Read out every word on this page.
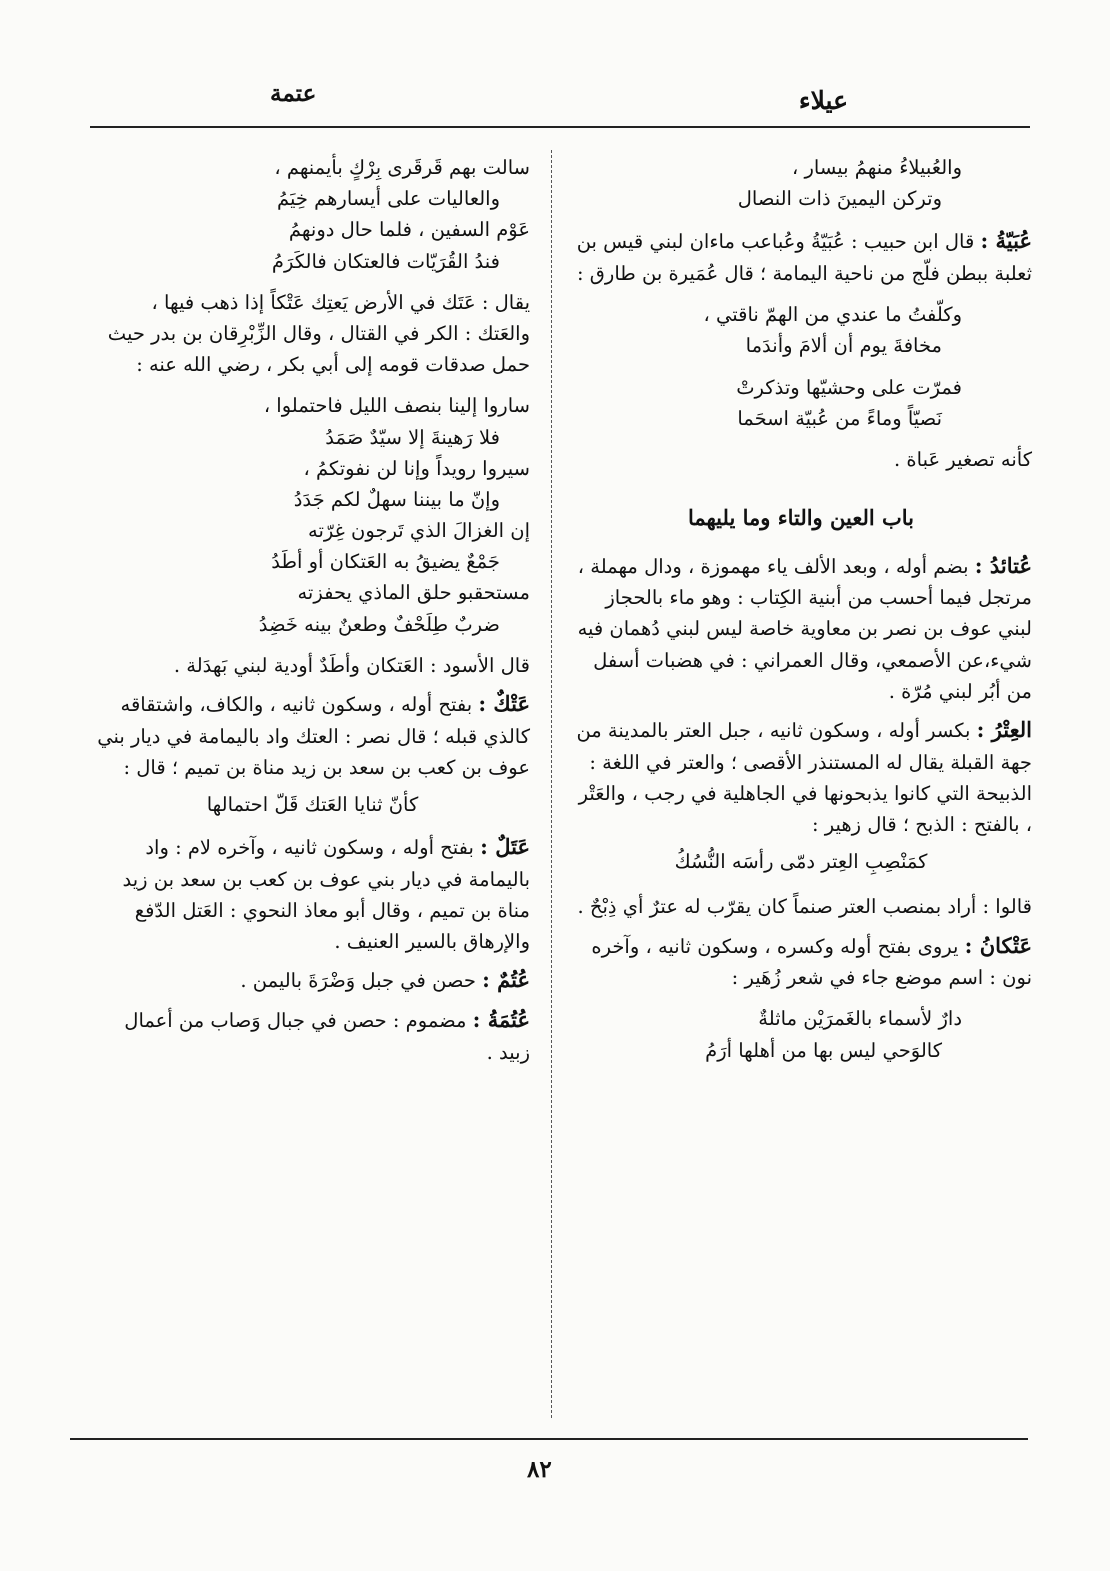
عيلاء
عتمة
والعُبيلاءُ منهمُ بيسار ،
وتركن اليمينَ ذات النصال

عُبَيّةُ : قال ابن حبيب : عُبَيّةُ وعُباعب ماءان لبني قيس بن ثعلبة ببطن فلّج من ناحية اليمامة ؛ قال عُمَيرة بن طارق :

وكلّفتُ ما عندي من الهمّ ناقتي ،
مخافةَ يوم أن ألامَ وأندَما
فمرّت على وحشيّها وتذكرتْ
نَصيّاً وماءً من عُبيّة اسحَما

كأنه تصغير عَباة .

باب العين والتاء وما يليهما

عُتائدُ : بضم أوله ، وبعد الألف ياء مهموزة ، ودال مهملة ، مرتجل فيما أحسب من أبنية الكِتاب : وهو ماء بالحجاز لبني عوف بن نصر بن معاوية خاصة ليس لبني دُهمان فيه شيء،عن الأصمعي، وقال العمراني : في هضبات أسفل من أبُر لبني مُرّة .

العِتْرُ : بكسر أوله ، وسكون ثانيه ، جبل العتر بالمدينة من جهة القبلة يقال له المستنذر الأقصى ؛ والعتر في اللغة : الذبيحة التي كانوا يذبحونها في الجاهلية في رجب ، والعَتْر ، بالفتح : الذبح ؛ قال زهير :

كمَنْصِبِ العِتر دمّى رأسَه النُّسُكُ

قالوا : أراد بمنصب العتر صنماً كان يقرّب له عترٌ أي ذِبْحٌ .

عَتْكانُ : يروى بفتح أوله وكسره ، وسكون ثانيه ، وآخره نون : اسم موضع جاء في شعر زُهَير :

دارٌ لأسماء بالغَمرَيْن ماثلةٌ
كالوَحي ليس بها من أهلها أرَمُ
سالت بهم قَرقَرى بِرْكٍ بأيمنهم ،
والعاليات على أيسارهم خِيَمُ
عَوْم السفين ، فلما حال دونهمُ
فندُ القُرَيّات فالعتكان فالكَرَمُ

يقال : عَتَك في الأرض يَعتِك عَتْكاً إذا ذهب فيها ، والعَتك : الكر في القتال ، وقال الزِّبْرِقان بن بدر حيث حمل صدقات قومه إلى أبي بكر ، رضي الله عنه :

ساروا إلينا بنصف الليل فاحتملوا ،
فلا رَهينةَ إلا سيّدٌ صَمَدُ
سيروا رويداً وإنا لن نفوتكمُ ،
وإنّ ما بيننا سهلٌ لكم جَدَدُ
إن الغزالَ الذي تَرجون غِرّته
جَمْعٌ يضيقُ به العَتكان أو أطَدُ
مستحقبو حلق الماذي يحفزته
ضربٌ طِلَحْفٌ وطعنٌ بينه خَضِدُ

قال الأسود : العَتكان وأطَدٌ أودية لبني بَهدَلة .

عَتْكٌ : بفتح أوله ، وسكون ثانيه ، والكاف، واشتقاقه كالذي قبله ؛ قال نصر : العتك واد باليمامة في ديار بني عوف بن كعب بن سعد بن زيد مناة بن تميم ؛ قال :

كأنّ ثنايا العَتك قَلّ احتمالها

عَتَلٌ : بفتح أوله ، وسكون ثانيه ، وآخره لام : واد باليمامة في ديار بني عوف بن كعب بن سعد بن زيد مناة بن تميم ، وقال أبو معاذ النحوي : العَتل الدّفع والإرهاق بالسير العنيف .

عُتُمٌ : حصن في جبل وَضْرَةَ باليمن .

عُتُمَةُ : مضموم : حصن في جبال وَصاب من أعمال زبيد .

٨٢
